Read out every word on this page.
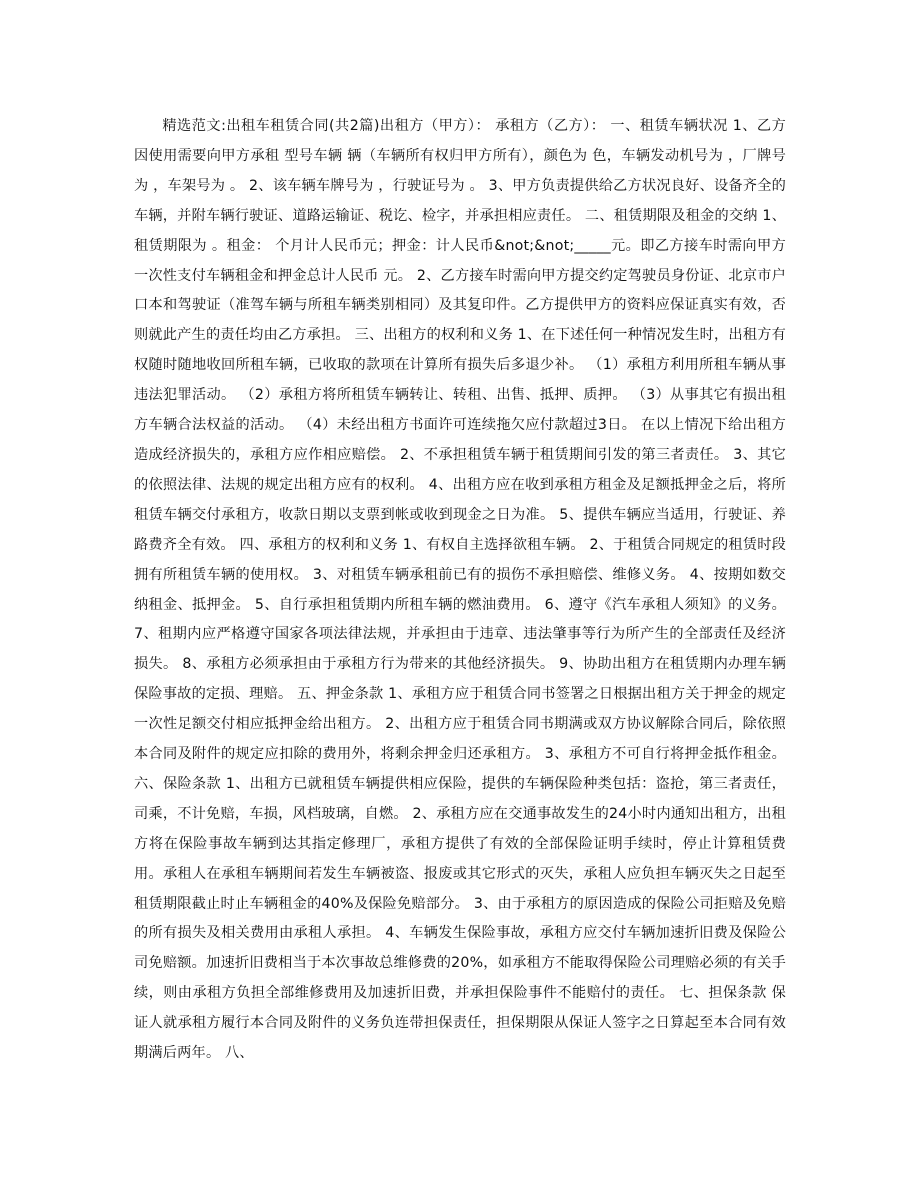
精选范文:出租车租赁合同(共2篇)出租方（甲方）： 承租方（乙方）： 一、租赁车辆状况 1、乙方因使用需要向甲方承租 型号车辆 辆（车辆所有权归甲方所有），颜色为 色，车辆发动机号为 ，厂牌号为 ，车架号为 。 2、该车辆车牌号为 ，行驶证号为 。 3、甲方负责提供给乙方状况良好、设备齐全的车辆，并附车辆行驶证、道路运输证、税讫、检字，并承担相应责任。 二、租赁期限及租金的交纳 1、租赁期限为 。租金： 个月计人民币元；押金：计人民币&not;&not;_____元。即乙方接车时需向甲方一次性支付车辆租金和押金总计人民币 元。 2、乙方接车时需向甲方提交约定驾驶员身份证、北京市户口本和驾驶证（准驾车辆与所租车辆类别相同）及其复印件。乙方提供甲方的资料应保证真实有效，否则就此产生的责任均由乙方承担。 三、出租方的权利和义务 1、在下述任何一种情况发生时，出租方有权随时随地收回所租车辆，已收取的款项在计算所有损失后多退少补。 （1）承租方利用所租车辆从事违法犯罪活动。 （2）承租方将所租赁车辆转让、转租、出售、抵押、质押。 （3）从事其它有损出租方车辆合法权益的活动。 （4）未经出租方书面许可连续拖欠应付款超过3日。 在以上情况下给出租方造成经济损失的，承租方应作相应赔偿。 2、不承担租赁车辆于租赁期间引发的第三者责任。 3、其它的依照法律、法规的规定出租方应有的权利。 4、出租方应在收到承租方租金及足额抵押金之后，将所租赁车辆交付承租方，收款日期以支票到帐或收到现金之日为准。 5、提供车辆应当适用，行驶证、养路费齐全有效。 四、承租方的权利和义务 1、有权自主选择欲租车辆。 2、于租赁合同规定的租赁时段拥有所租赁车辆的使用权。 3、对租赁车辆承租前已有的损伤不承担赔偿、维修义务。 4、按期如数交纳租金、抵押金。 5、自行承担租赁期内所租车辆的燃油费用。 6、遵守《汽车承租人须知》的义务。 7、租期内应严格遵守国家各项法律法规，并承担由于违章、违法肇事等行为所产生的全部责任及经济损失。 8、承租方必须承担由于承租方行为带来的其他经济损失。 9、协助出租方在租赁期内办理车辆保险事故的定损、理赔。 五、押金条款 1、承租方应于租赁合同书签署之日根据出租方关于押金的规定一次性足额交付相应抵押金给出租方。 2、出租方应于租赁合同书期满或双方协议解除合同后，除依照本合同及附件的规定应扣除的费用外，将剩余押金归还承租方。 3、承租方不可自行将押金抵作租金。 六、保险条款 1、出租方已就租赁车辆提供相应保险，提供的车辆保险种类包括：盗抢，第三者责任，司乘，不计免赔，车损，风档玻璃，自燃。 2、承租方应在交通事故发生的24小时内通知出租方，出租方将在保险事故车辆到达其指定修理厂，承租方提供了有效的全部保险证明手续时，停止计算租赁费用。承租人在承租车辆期间若发生车辆被盗、报废或其它形式的灭失，承租人应负担车辆灭失之日起至租赁期限截止时止车辆租金的40%及保险免赔部分。 3、由于承租方的原因造成的保险公司拒赔及免赔的所有损失及相关费用由承租人承担。 4、车辆发生保险事故，承租方应交付车辆加速折旧费及保险公司免赔额。加速折旧费相当于本次事故总维修费的20%，如承租方不能取得保险公司理赔必须的有关手续，则由承租方负担全部维修费用及加速折旧费，并承担保险事件不能赔付的责任。 七、担保条款 保证人就承租方履行本合同及附件的义务负连带担保责任，担保期限从保证人签字之日算起至本合同有效期满后两年。 八、
